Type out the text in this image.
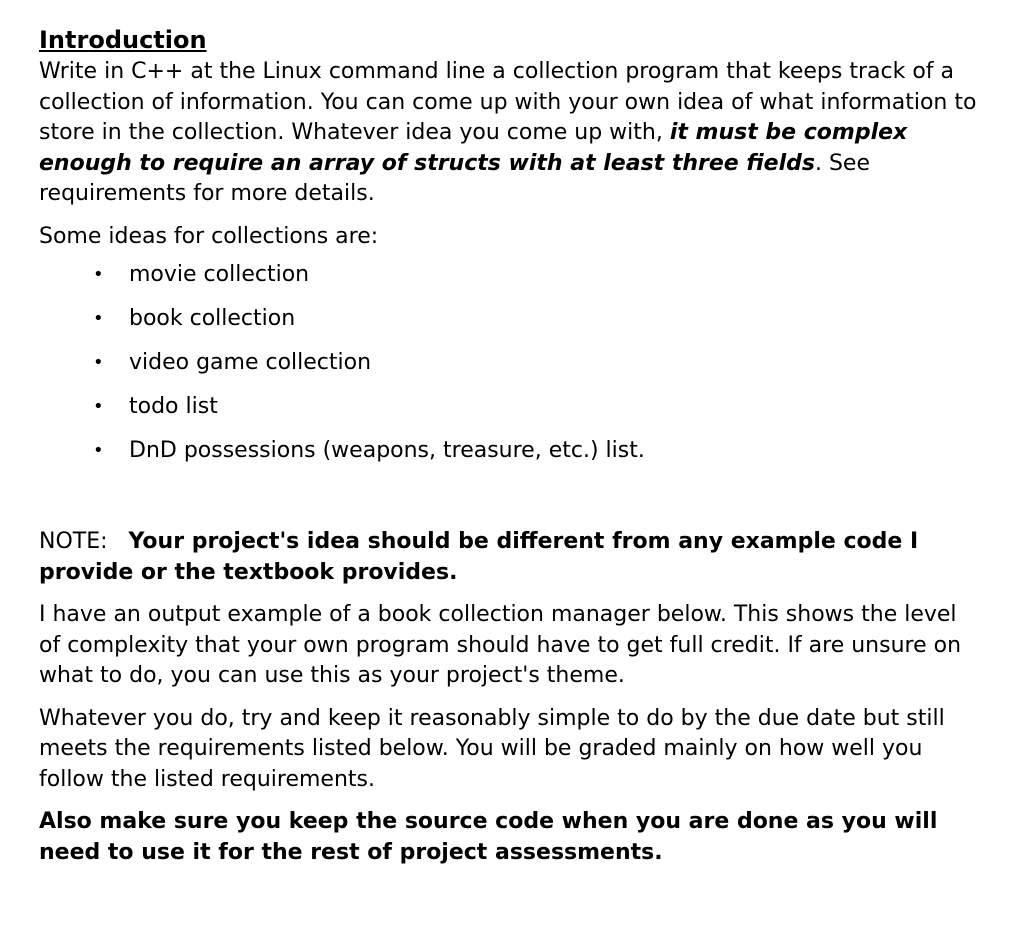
Introduction

Write in C++ at the Linux command line a collection program that keeps track of a collection of information. You can come up with your own idea of what information to store in the collection. Whatever idea you come up with, it must be complex enough to require an array of structs with at least three fields. See requirements for more details.

Some ideas for collections are:

• movie collection
• book collection
• video game collection
• todo list
• DnD possessions (weapons, treasure, etc.) list.

NOTE: Your project's idea should be different from any example code I provide or the textbook provides.

I have an output example of a book collection manager below. This shows the level of complexity that your own program should have to get full credit. If are unsure on what to do, you can use this as your project's theme.

Whatever you do, try and keep it reasonably simple to do by the due date but still meets the requirements listed below. You will be graded mainly on how well you follow the listed requirements.

Also make sure you keep the source code when you are done as you will need to use it for the rest of project assessments.
